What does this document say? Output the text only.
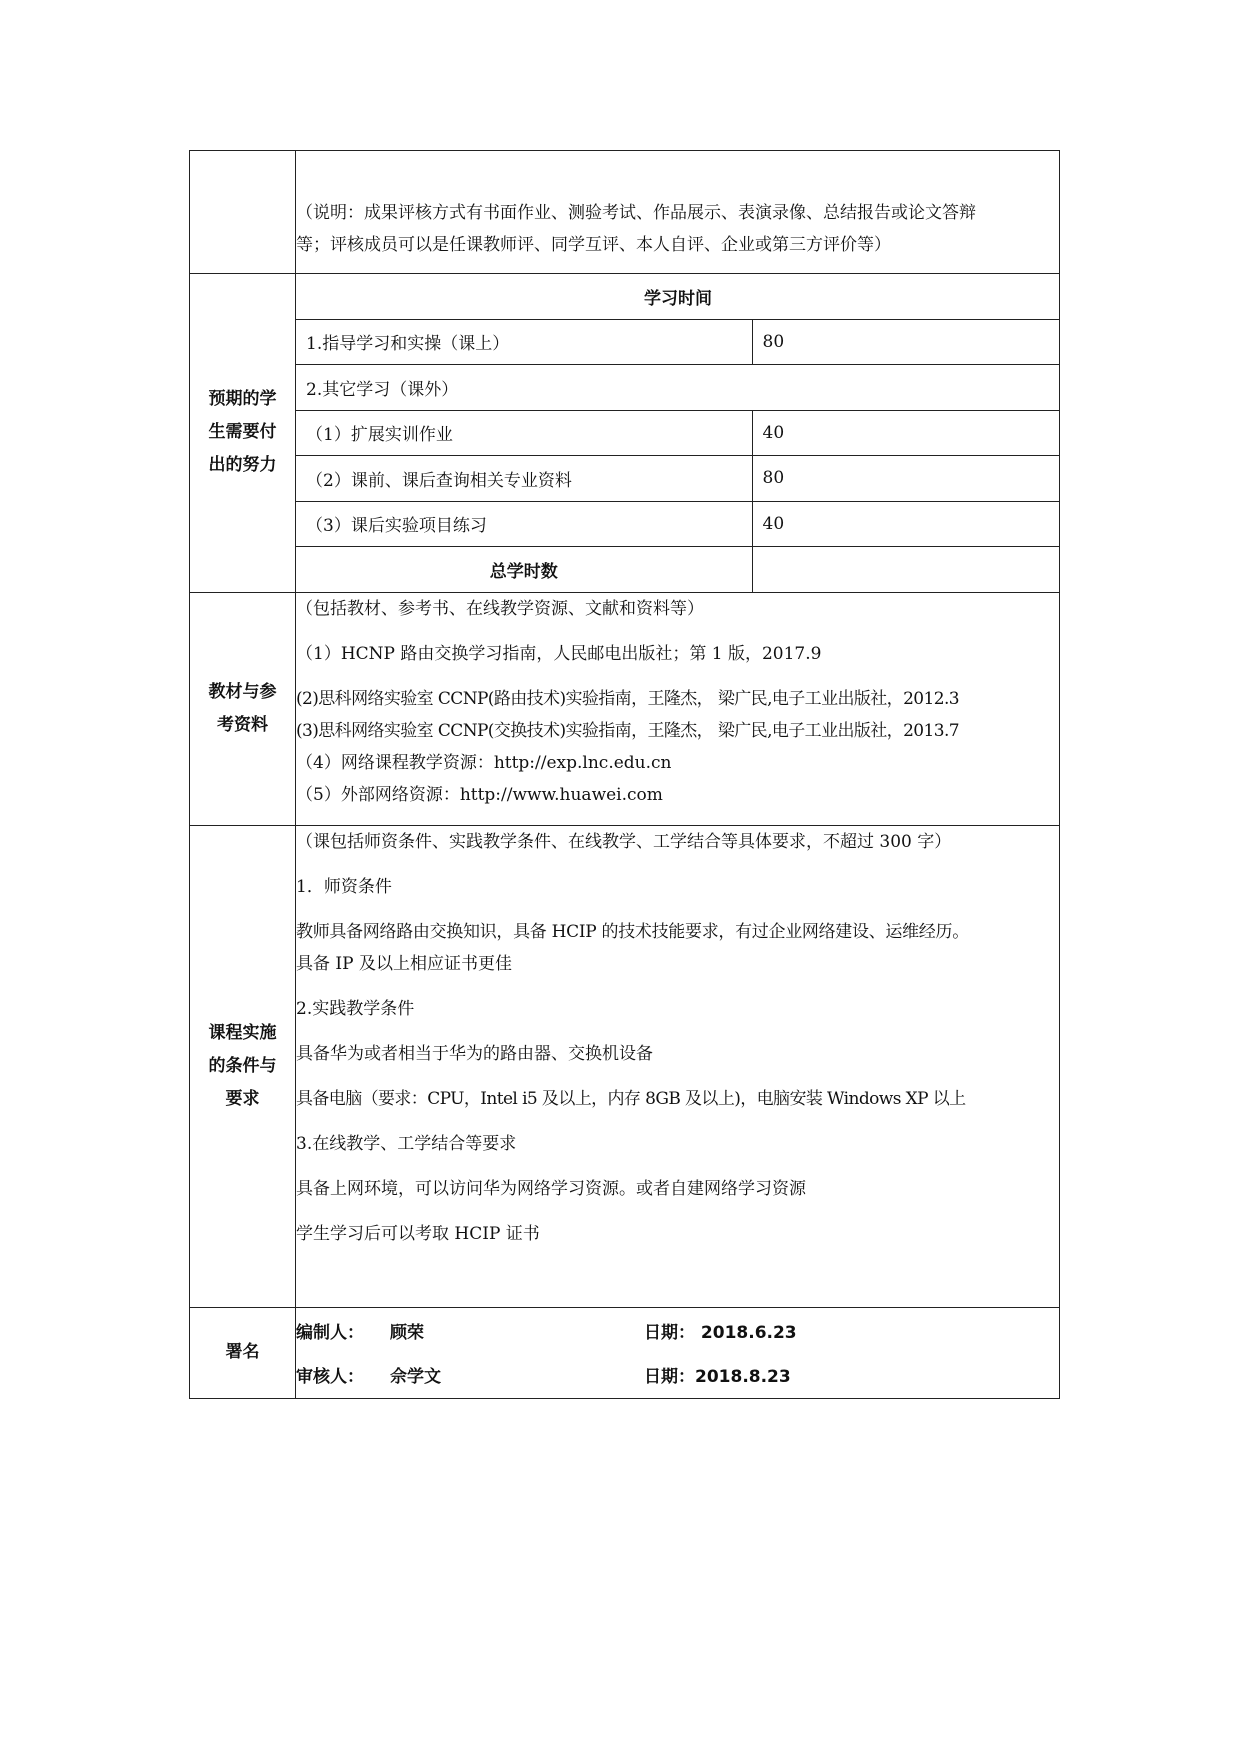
（说明：成果评核方式有书面作业、测验考试、作品展示、表演录像、总结报告或论文答辩
等；评核成员可以是任课教师评、同学互评、本人自评、企业或第三方评价等）

预期的学
生需要付
出的努力

学习时间
1.指导学习和实操（课上）	80
2.其它学习（课外）
（1）扩展实训作业	40
（2）课前、课后查询相关专业资料	80
（3）课后实验项目练习	40
总学时数	

教材与参
考资料

（包括教材、参考书、在线教学资源、文献和资料等）
（1）HCNP 路由交换学习指南，人民邮电出版社；第 1 版，2017.9
(2)思科网络实验室 CCNP(路由技术)实验指南，王隆杰， 梁广民,电子工业出版社，2012.3
(3)思科网络实验室 CCNP(交换技术)实验指南，王隆杰， 梁广民,电子工业出版社，2013.7
（4）网络课程教学资源：http://exp.lnc.edu.cn
（5）外部网络资源：http://www.huawei.com

课程实施
的条件与
要求

（课包括师资条件、实践教学条件、在线教学、工学结合等具体要求，不超过 300 字）
1．师资条件
教师具备网络路由交换知识，具备 HCIP 的技术技能要求，有过企业网络建设、运维经历。
具备 IP 及以上相应证书更佳
2.实践教学条件
具备华为或者相当于华为的路由器、交换机设备
具备电脑（要求：CPU，Intel i5 及以上，内存 8GB 及以上)，电脑安装 Windows XP 以上
3.在线教学、工学结合等要求
具备上网环境，可以访问华为网络学习资源。或者自建网络学习资源
学生学习后可以考取 HCIP 证书

署名	
编制人：	顾荣	日期： 2018.6.23
审核人：	佘学文	日期：2018.8.23
